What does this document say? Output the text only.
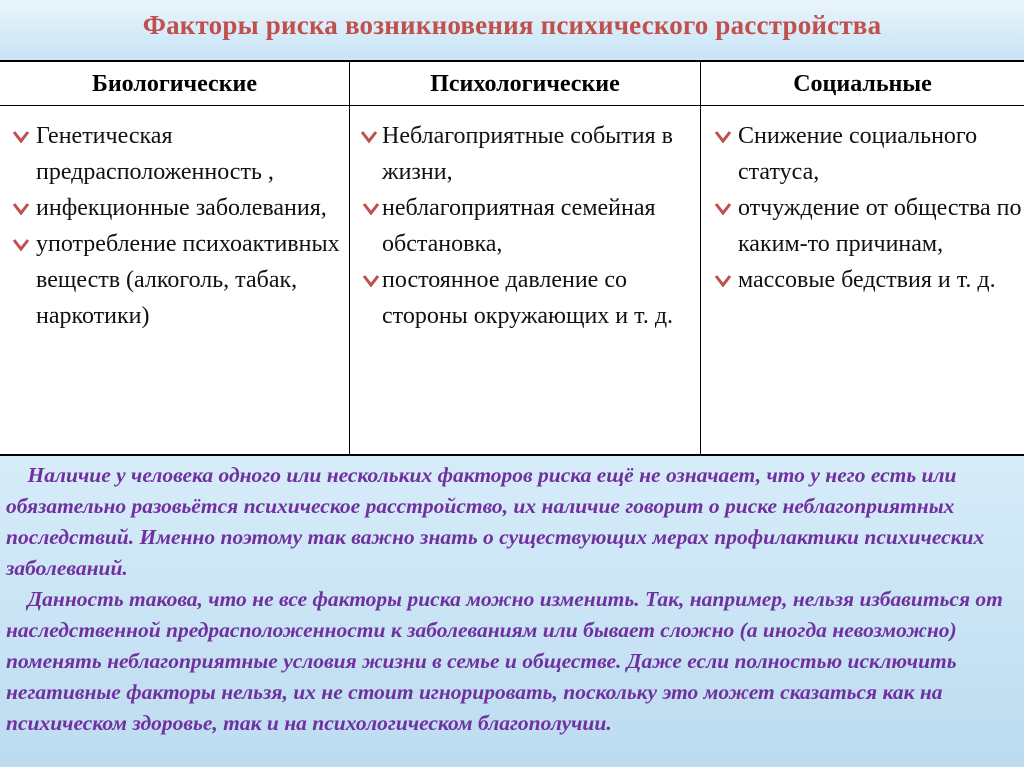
Факторы риска возникновения психического расстройства
Биологические	Психологические	Социальные
Генетическая предрасположенность ,
инфекционные заболевания,
употребление психоактивных веществ (алкоголь, табак, наркотики)
Неблагоприятные события в жизни,
неблагоприятная семейная обстановка,
постоянное давление со стороны окружающих и т. д.
Снижение социального статуса,
отчуждение от общества по каким-то причинам,
массовые бедствия и т. д.

 Наличие у человека одного или нескольких факторов риска ещё не означает, что у него есть или обязательно разовьётся психическое расстройство, их наличие говорит о риске неблагоприятных последствий. Именно поэтому так важно знать о существующих мерах профилактики психических заболеваний.

 Данность такова, что не все факторы риска можно изменить. Так, например, нельзя избавиться от наследственной предрасположенности к заболеваниям или бывает сложно (а иногда невозможно) поменять неблагоприятные условия жизни в семье и обществе. Даже если полностью исключить негативные факторы нельзя, их не стоит игнорировать, поскольку это может сказаться как на психическом здоровье, так и на психологическом благополучии.
